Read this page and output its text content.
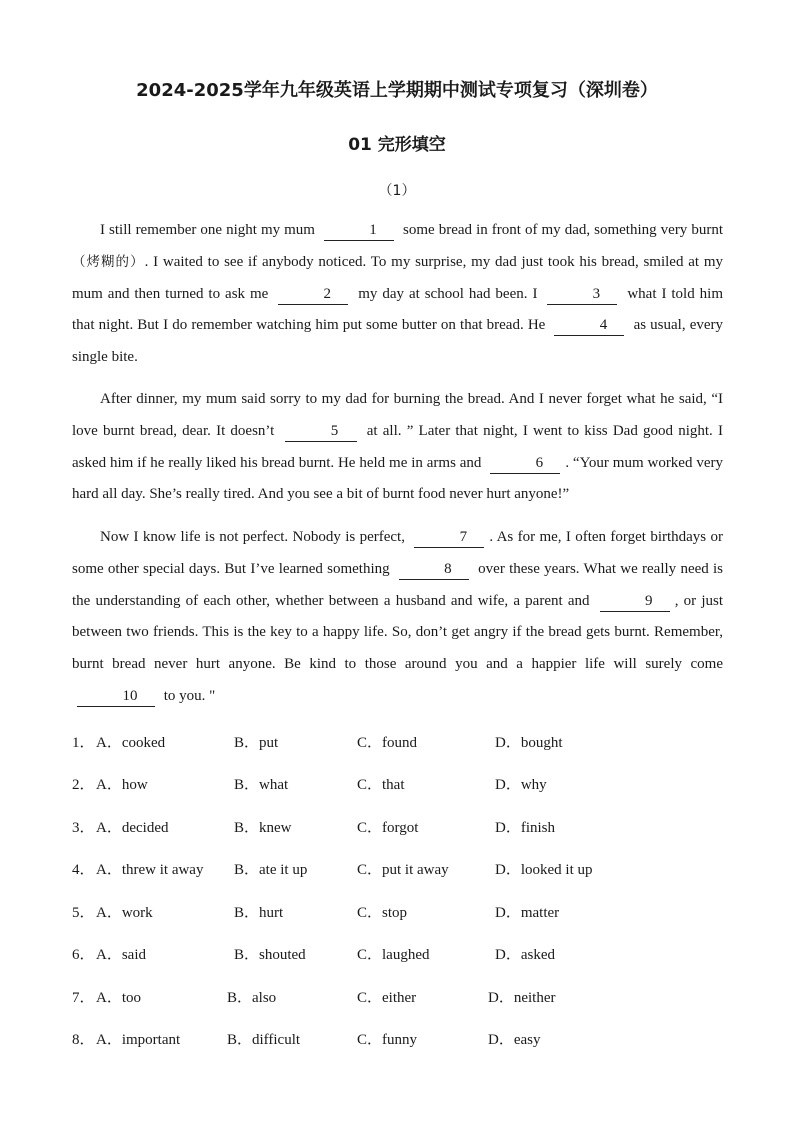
2024-2025学年九年级英语上学期期中测试专项复习（深圳卷）
01 完形填空
（1）

I still remember one night my mum	1 some bread in front of my dad, something very burnt（烤糊的）. I waited to see if anybody noticed. To my surprise, my dad just took his bread, smiled at my mum and then turned to ask me	2 my day at school had been. I	3 what I told him that night. But I do remember watching him put some butter on that bread. He	4 as usual, every single bite.

After dinner, my mum said sorry to my dad for burning the bread. And I never forget what he said, “I love burnt bread, dear. It doesn’t	5 at all. ” Later that night, I went to kiss Dad good night. I asked him if he really liked his bread burnt. He held me in arms and	6 . “Your mum worked very hard all day. She’s really tired. And you see a bit of burnt food never hurt anyone!”

Now I know life is not perfect. Nobody is perfect,	7 . As for me, I often forget birthdays or some other special days. But I’ve learned something	8 over these years. What we really need is the understanding of each other, whether between a husband and wife, a parent and	9 , or just between two friends. This is the key to a happy life. So, don’t get angry if the bread gets burnt. Remember, burnt bread never hurt anyone. Be kind to those around you and a happier life will surely come 10 to you. "

1． A．cooked	B．put	C．found	D．bought
2． A．how	B．what	C．that	D．why
3． A．decided	B．knew	C．forgot	D．finish
4． A．threw it away B．ate it up	C．put it away	D．looked it up
5． A．work	B．hurt	C．stop	D．matter
6． A．said	B．shouted	C．laughed	D．asked
7． A．too	B．also	C．either	D．neither
8． A．important	B．difficult	C．funny	D．easy
